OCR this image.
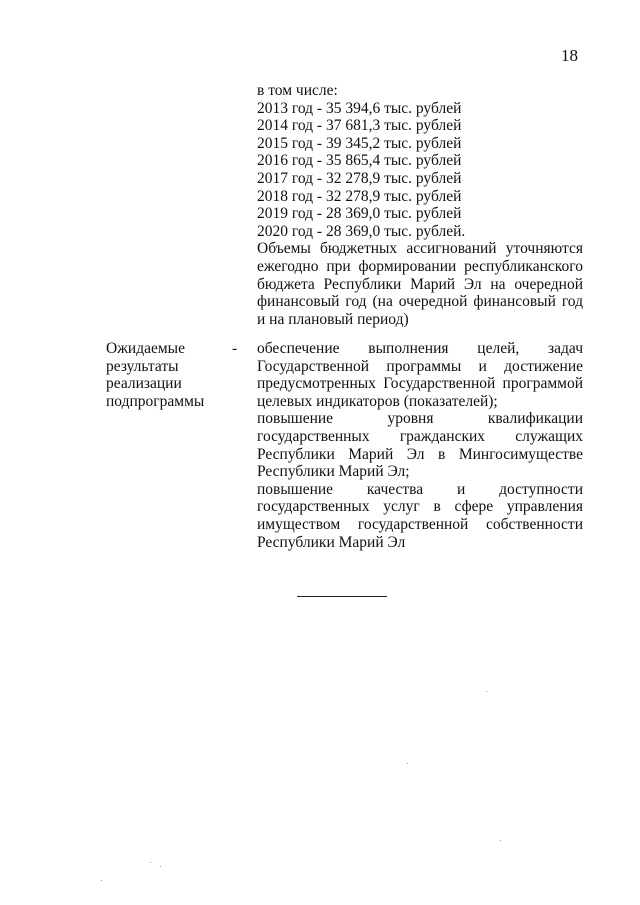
18
в том числе:
2013 год - 35 394,6 тыс. рублей
2014 год - 37 681,3 тыс. рублей
2015 год - 39 345,2 тыс. рублей
2016 год - 35 865,4 тыс. рублей
2017 год - 32 278,9 тыс. рублей
2018 год - 32 278,9 тыс. рублей
2019 год - 28 369,0 тыс. рублей
2020 год - 28 369,0 тыс. рублей.
Объемы бюджетных ассигнований уточняются ежегодно при формировании республиканского бюджета Республики Марий Эл на очередной финансовый год (на очередной финансовый год и на плановый период)
Ожидаемые
результаты
реализации
подпрограммы
- обеспечение выполнения целей, задач Государственной программы и достижение предусмотренных Государственной программой целевых индикаторов (показателей);
повышение уровня квалификации государственных гражданских служащих Республики Марий Эл в Мингосимуществе Республики Марий Эл;
повышение качества и доступности государственных услуг в сфере управления имуществом государственной собственности Республики Марий Эл
